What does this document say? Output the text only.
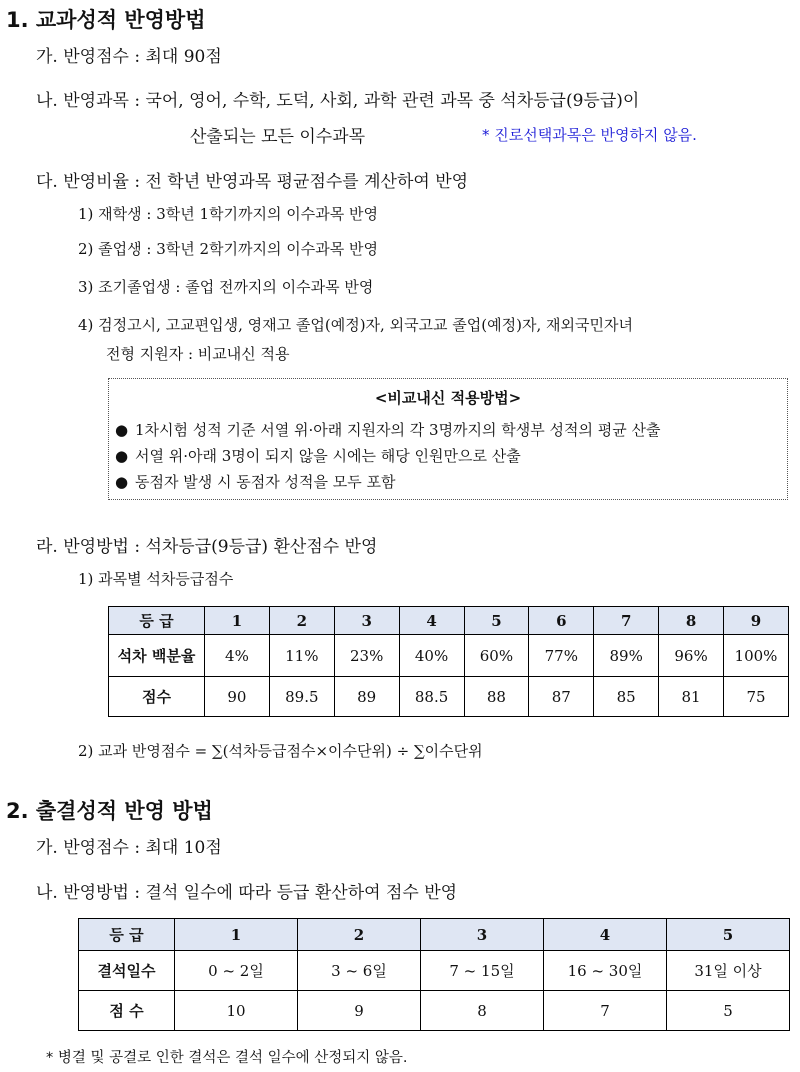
1. 교과성적 반영방법
가. 반영점수 : 최대 90점
나. 반영과목 : 국어, 영어, 수학, 도덕, 사회, 과학 관련 과목 중 석차등급(9등급)이
산출되는 모든 이수과목	* 진로선택과목은 반영하지 않음.
다. 반영비율 : 전 학년 반영과목 평균점수를 계산하여 반영
1) 재학생 : 3학년 1학기까지의 이수과목 반영
2) 졸업생 : 3학년 2학기까지의 이수과목 반영
3) 조기졸업생 : 졸업 전까지의 이수과목 반영
4) 검정고시, 고교편입생, 영재고 졸업(예정)자, 외국고교 졸업(예정)자, 재외국민자녀
전형 지원자 : 비교내신 적용
<비교내신 적용방법>
● 1차시험 성적 기준 서열 위·아래 지원자의 각 3명까지의 학생부 성적의 평균 산출
● 서열 위·아래 3명이 되지 않을 시에는 해당 인원만으로 산출
● 동점자 발생 시 동점자 성적을 모두 포함
라. 반영방법 : 석차등급(9등급) 환산점수 반영
1) 과목별 석차등급점수
등 급	1	2	3	4	5	6	7	8	9
석차 백분율	4%	11%	23%	40%	60%	77%	89%	96%	100%
점수	90	89.5	89	88.5	88	87	85	81	75
2) 교과 반영점수 = ∑(석차등급점수×이수단위) ÷ ∑이수단위
2. 출결성적 반영 방법
가. 반영점수 : 최대 10점
나. 반영방법 : 결석 일수에 따라 등급 환산하여 점수 반영
등 급	1	2	3	4	5
결석일수	0 ~ 2일	3 ~ 6일	7 ~ 15일	16 ~ 30일	31일 이상
점 수	10	9	8	7	5
* 병결 및 공결로 인한 결석은 결석 일수에 산정되지 않음.
